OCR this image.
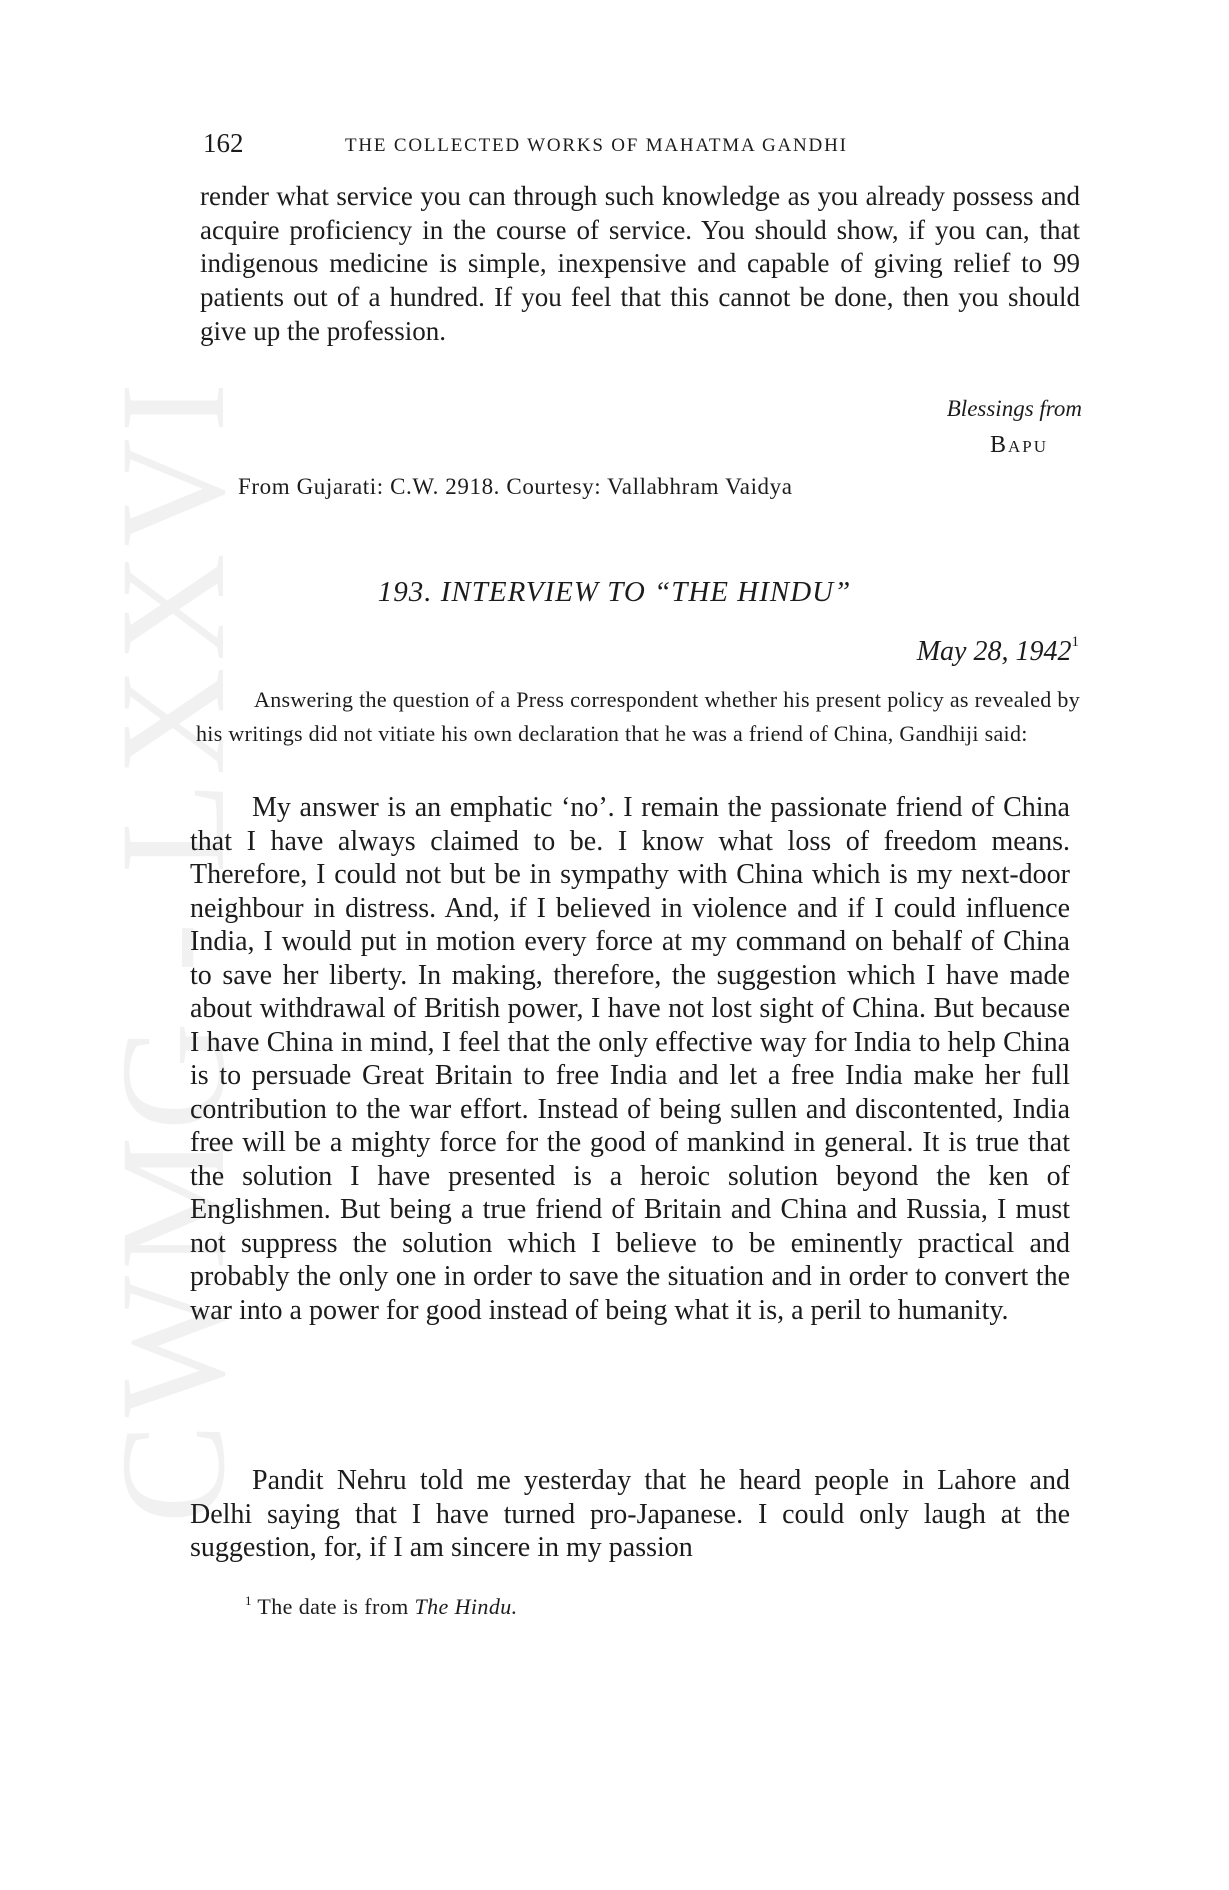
CWMG - LXXVI
162	THE COLLECTED WORKS OF MAHATMA GANDHI

render what service you can through such knowledge as you already possess and acquire proficiency in the course of service. You should show, if you can, that indigenous medicine is simple, inexpensive and capable of giving relief to 99 patients out of a hundred. If you feel that this cannot be done, then you should give up the profession.

Blessings from
Bapu
From Gujarati: C.W. 2918. Courtesy: Vallabhram Vaidya
193. INTERVIEW TO “THE HINDU”
May 28, 1942$^1$

Answering the question of a Press correspondent whether his present policy as revealed by his writings did not vitiate his own declaration that he was a friend of China, Gandhiji said:

My answer is an emphatic ‘no’. I remain the passionate friend of China that I have always claimed to be. I know what loss of freedom means. Therefore, I could not but be in sympathy with China which is my next-door neighbour in distress. And, if I believed in violence and if I could influence India, I would put in motion every force at my command on behalf of China to save her liberty. In making, therefore, the suggestion which I have made about withdrawal of British power, I have not lost sight of China. But because I have China in mind, I feel that the only effective way for India to help China is to persuade Great Britain to free India and let a free India make her full contribution to the war effort. Instead of being sullen and discontented, India free will be a mighty force for the good of mankind in general. It is true that the solution I have presented is a heroic solution beyond the ken of Englishmen. But being a true friend of Britain and China and Russia, I must not suppress the solution which I believe to be eminently practical and probably the only one in order to save the situation and in order to convert the war into a power for good instead of being what it is, a peril to humanity.

Pandit Nehru told me yesterday that he heard people in Lahore and Delhi saying that I have turned pro-Japanese. I could only laugh at the suggestion, for, if I am sincere in my passion

$^1$ The date is from The Hindu.
